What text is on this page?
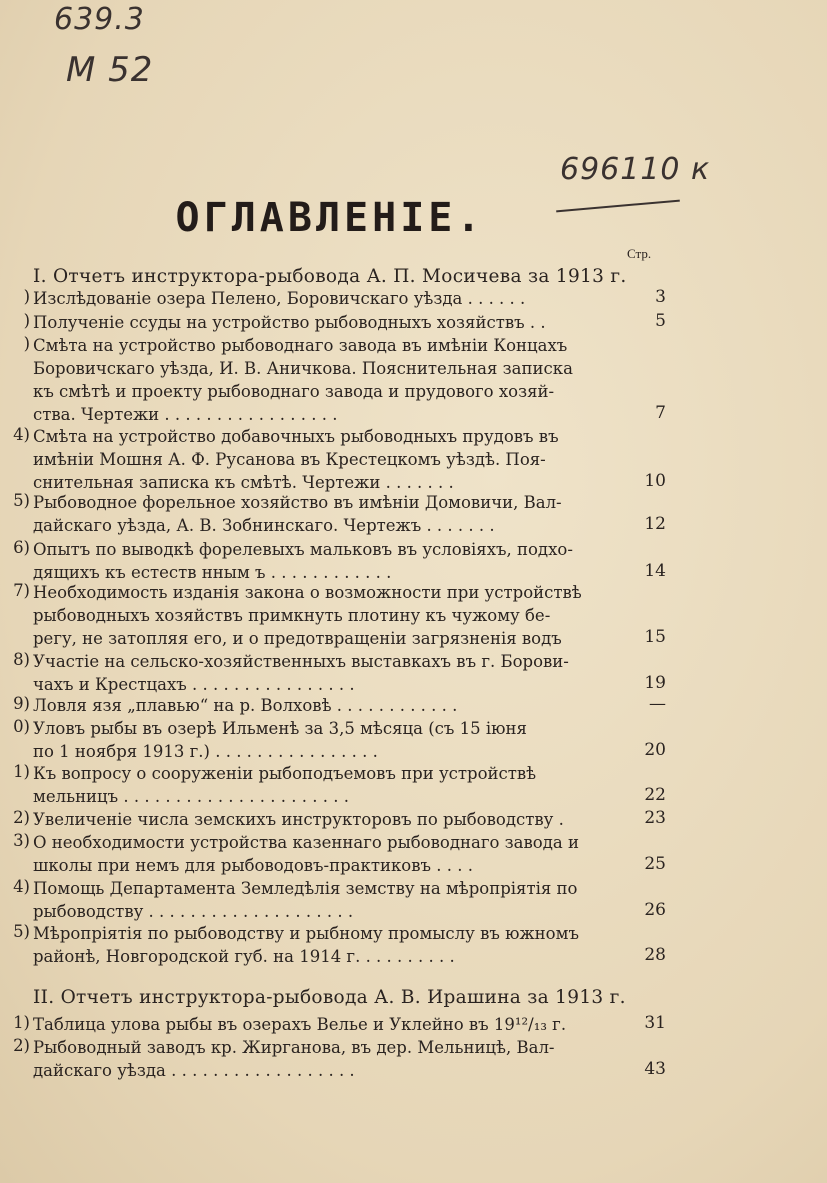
639.3
M 52
696110 к
ОГЛАВЛЕНІЕ.
Стр.
I. Отчетъ инструктора-рыбовода А. П. Мосичева за 1913 г.
) Изслѣдованіе озера Пелено, Боровичскаго уѣзда . . . . . .	3
) Полученіе ссуды на устройство рыбоводныхъ хозяйствъ . .	5
) Смѣта на устройство рыбоводнаго завода въ имѣніи Концахъ
Боровичскаго уѣзда, И. В. Аничкова. Пояснительная записка
къ смѣтѣ и проекту рыбоводнаго завода и прудового хозяй-
ства. Чертежи . . . . . . . . . . . . . . . . .	7
4) Смѣта на устройство добавочныхъ рыбоводныхъ прудовъ въ
имѣніи Мошня А. Ф. Русанова въ Крестецкомъ уѣздѣ. Поя-
снительная записка къ смѣтѣ. Чертежи . . . . . . .	10
5) Рыбоводное форельное хозяйство въ имѣніи Домовичи, Вал-
дайскаго уѣзда, А. В. Зобнинскаго. Чертежъ . . . . . . .	12
6) Опытъ по выводкѣ форелевыхъ мальковъ въ условіяхъ, подхо-
дящихъ къ естеств нным ъ . . . . . . . . . . . .	14
7) Необходимость изданія закона о возможности при устройствѣ
рыбоводныхъ хозяйствъ примкнуть плотину къ чужому бе-
регу, не затопляя его, и о предотвращеніи загрязненія водъ	15
8) Участіе на сельско-хозяйственныхъ выставкахъ въ г. Борови-
чахъ и Крестцахъ . . . . . . . . . . . . . . . .	19
9) Ловля язя „плавью“ на р. Волховѣ . . . . . . . . . . . .	—
0) Уловъ рыбы въ озерѣ Ильменѣ за 3,5 мѣсяца (съ 15 іюня
по 1 ноября 1913 г.) . . . . . . . . . . . . . . . .	20
1) Къ вопросу о сооруженіи рыбоподъемовъ при устройствѣ
мельницъ . . . . . . . . . . . . . . . . . . . . . .	22
2) Увеличеніе числа земскихъ инструкторовъ по рыбоводству .	23
3) О необходимости устройства казеннаго рыбоводнаго завода и
школы при немъ для рыбоводовъ-практиковъ . . . .	25
4) Помощь Департамента Земледѣлія земству на мѣропріятія по
рыбоводству . . . . . . . . . . . . . . . . . . . .	26
5) Мѣропріятія по рыбоводству и рыбному промыслу въ южномъ
районѣ, Новгородской губ. на 1914 г. . . . . . . . . .	28
II. Отчетъ инструктора-рыбовода А. В. Ирашина за 1913 г.
1) Таблица улова рыбы въ озерахъ Велье и Уклейно въ 19¹²/₁₃ г.	31
2) Рыбоводный заводъ кр. Жирганова, въ дер. Мельницѣ, Вал-
дайскаго уѣзда . . . . . . . . . . . . . . . . . .	43
